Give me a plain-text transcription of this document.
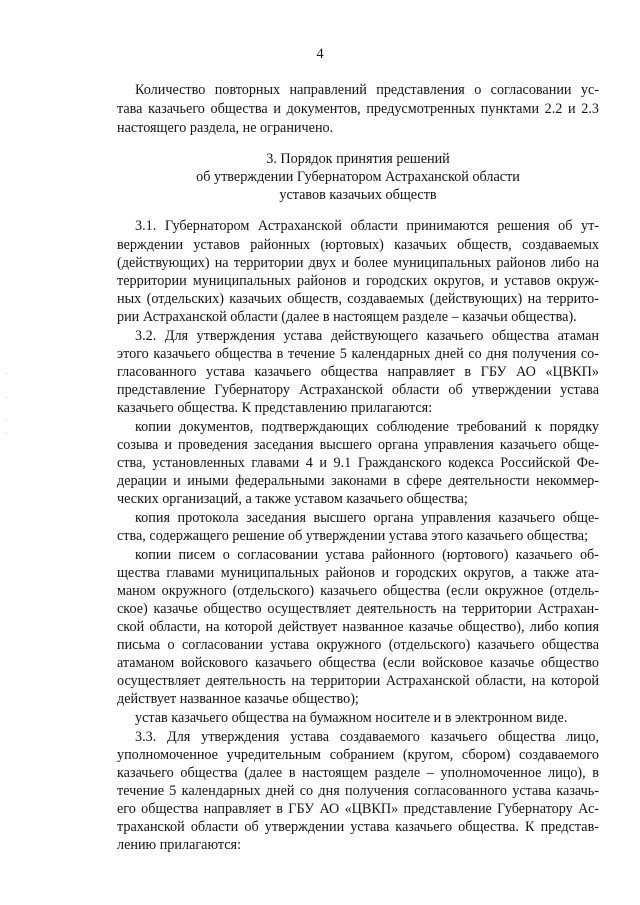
4
Количество повторных направлений представления о согласовании ус-
тава казачьего общества и документов, предусмотренных пунктами 2.2 и 2.3
настоящего раздела, не ограничено.
3. Порядок принятия решений
об утверждении Губернатором Астраханской области
уставов казачьих обществ
3.1. Губернатором Астраханской области принимаются решения об ут-
верждении уставов районных (юртовых) казачьих обществ, создаваемых
(действующих) на территории двух и более муниципальных районов либо на
территории муниципальных районов и городских округов, и уставов окруж-
ных (отдельских) казачьих обществ, создаваемых (действующих) на террито-
рии Астраханской области (далее в настоящем разделе – казачьи общества).
3.2. Для утверждения устава действующего казачьего общества атаман
этого казачьего общества в течение 5 календарных дней со дня получения со-
гласованного устава казачьего общества направляет в ГБУ АО «ЦВКП»
представление Губернатору Астраханской области об утверждении устава
казачьего общества. К представлению прилагаются:
копии документов, подтверждающих соблюдение требований к порядку
созыва и проведения заседания высшего органа управления казачьего обще-
ства, установленных главами 4 и 9.1 Гражданского кодекса Российской Фе-
дерации и иными федеральными законами в сфере деятельности некоммер-
ческих организаций, а также уставом казачьего общества;
копия протокола заседания высшего органа управления казачьего обще-
ства, содержащего решение об утверждении устава этого казачьего общества;
копии писем о согласовании устава районного (юртового) казачьего об-
щества главами муниципальных районов и городских округов, а также ата-
маном окружного (отдельского) казачьего общества (если окружное (отдель-
ское) казачье общество осуществляет деятельность на территории Астрахан-
ской области, на которой действует названное казачье общество), либо копия
письма о согласовании устава окружного (отдельского) казачьего общества
атаманом войскового казачьего общества (если войсковое казачье общество
осуществляет деятельность на территории Астраханской области, на которой
действует названное казачье общество);
устав казачьего общества на бумажном носителе и в электронном виде.
3.3. Для утверждения устава создаваемого казачьего общества лицо,
уполномоченное учредительным собранием (кругом, сбором) создаваемого
казачьего общества (далее в настоящем разделе – уполномоченное лицо), в
течение 5 календарных дней со дня получения согласованного устава казачь-
его общества направляет в ГБУ АО «ЦВКП» представление Губернатору Ас-
траханской области об утверждении устава казачьего общества. К представ-
лению прилагаются:
